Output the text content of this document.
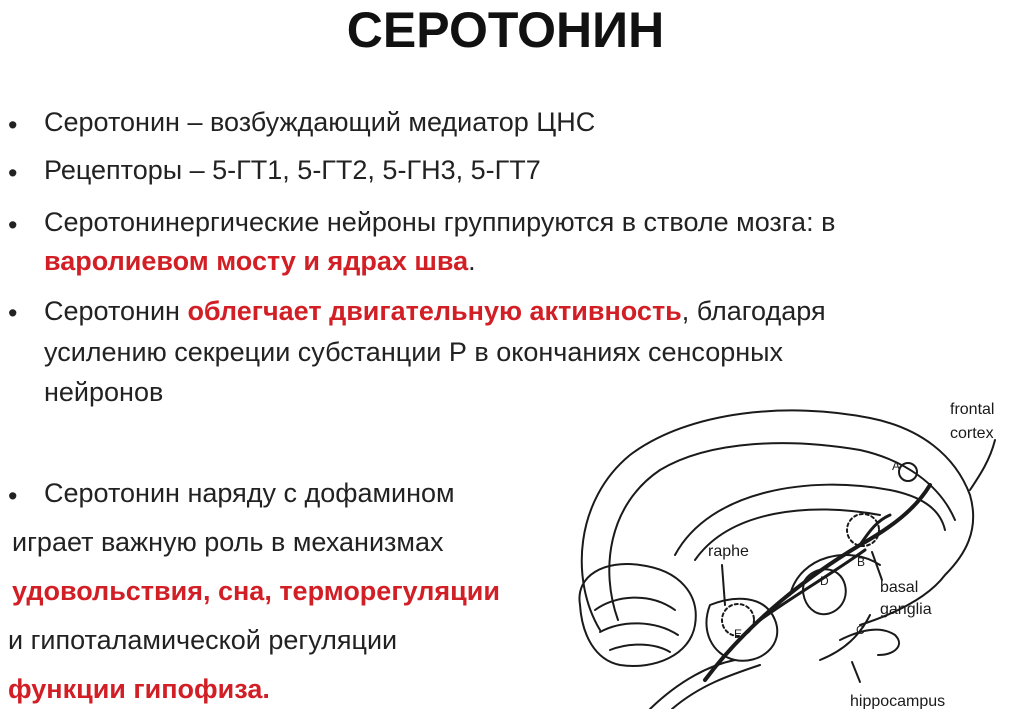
СЕРОТОНИН
• Серотонин – возбуждающий медиатор ЦНС
• Рецепторы – 5-ГТ1, 5-ГТ2, 5-ГН3, 5-ГТ7
• Серотонинергические нейроны группируются в стволе мозга: в
варолиевом мосту и ядрах шва.
• Серотонин облегчает двигательную активность, благодаря
усилению секреции субстанции Р в окончаниях сенсорных
нейронов
• Серотонин наряду с дофамином
играет важную роль в механизмах
удовольствия, сна, терморегуляции
и гипоталамической регуляции
функции гипофиза.
frontal
cortex
raphe
basal
ganglia
hippocampus
A
B
C
D
E
